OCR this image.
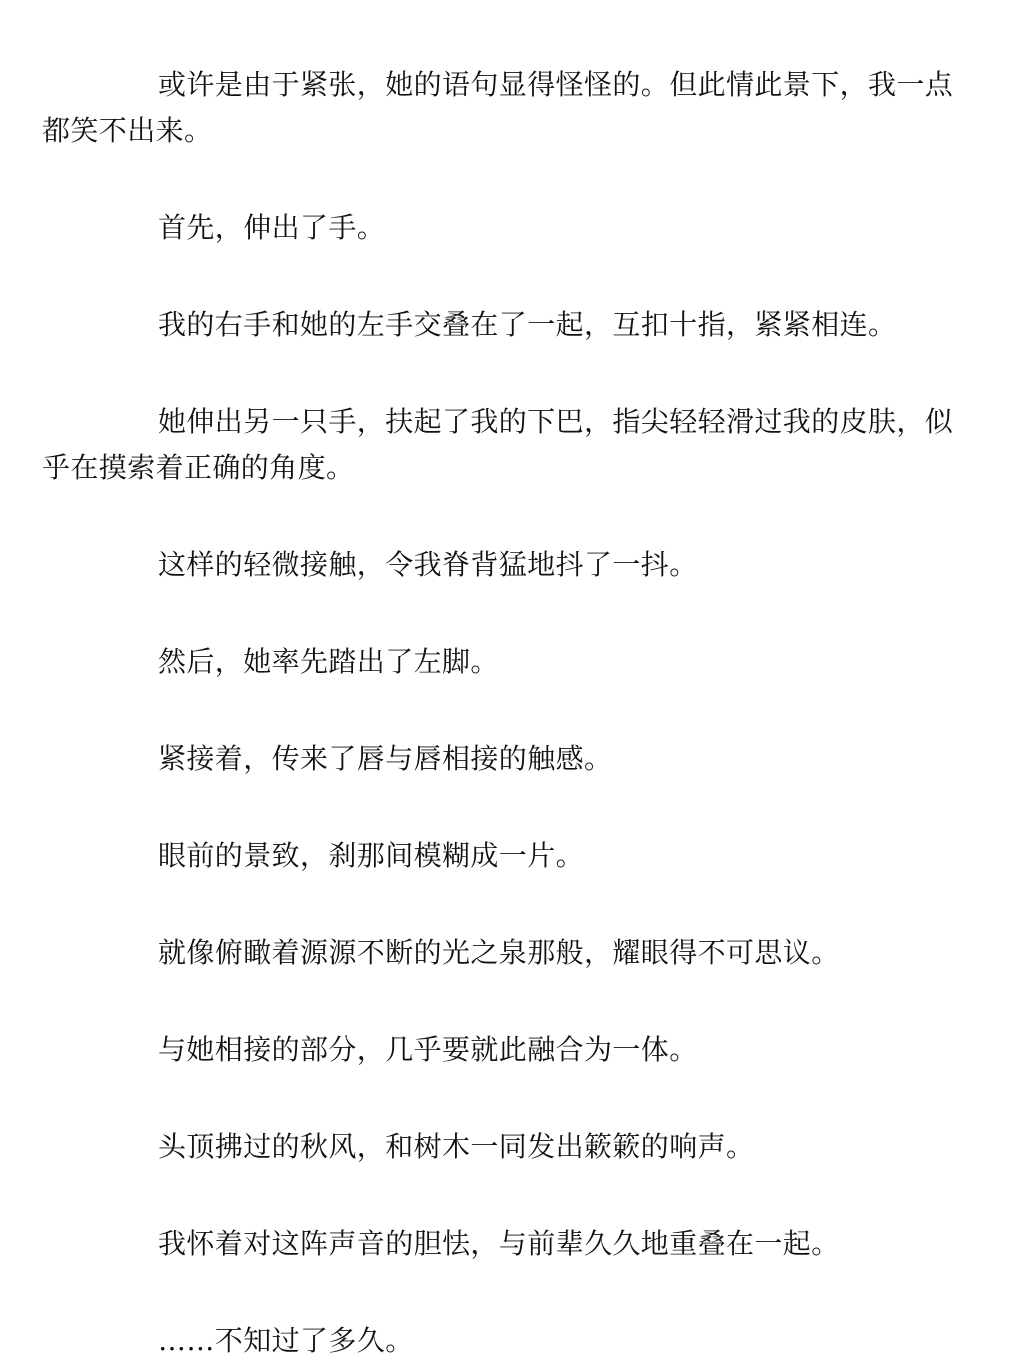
或许是由于紧张，她的语句显得怪怪的。但此情此景下，我一点都笑不出来。

首先，伸出了手。

我的右手和她的左手交叠在了一起，互扣十指，紧紧相连。

她伸出另一只手，扶起了我的下巴，指尖轻轻滑过我的皮肤，似乎在摸索着正确的角度。

这样的轻微接触，令我脊背猛地抖了一抖。

然后，她率先踏出了左脚。

紧接着，传来了唇与唇相接的触感。

眼前的景致，刹那间模糊成一片。

就像俯瞰着源源不断的光之泉那般，耀眼得不可思议。

与她相接的部分，几乎要就此融合为一体。

头顶拂过的秋风，和树木一同发出簌簌的响声。

我怀着对这阵声音的胆怯，与前辈久久地重叠在一起。

……不知过了多久。
